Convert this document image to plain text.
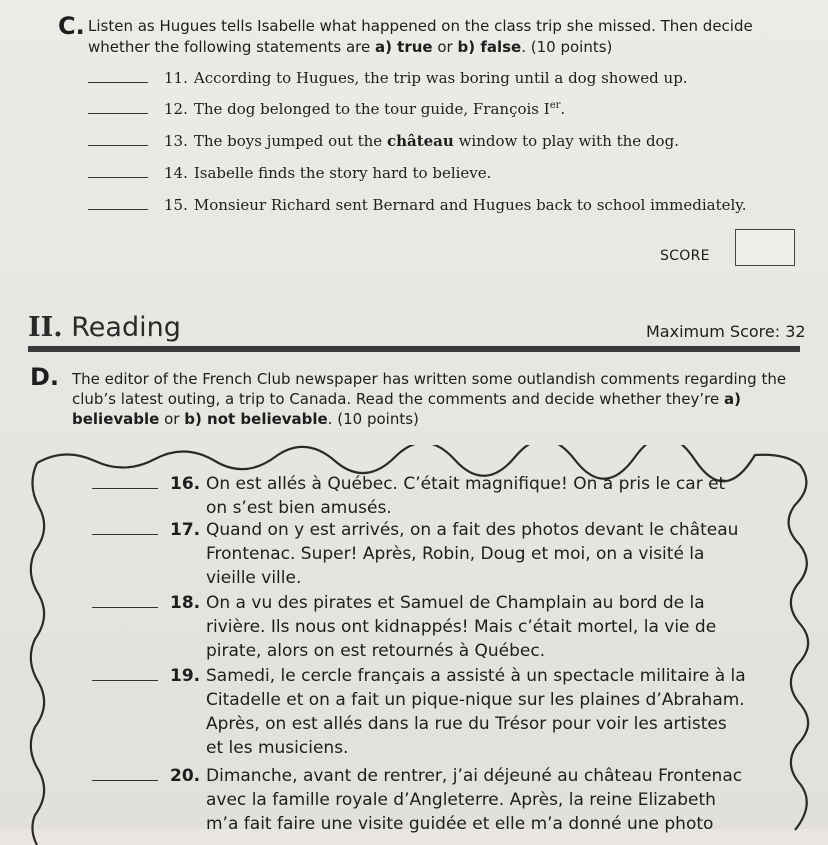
C. Listen as Hugues tells Isabelle what happened on the class trip she missed. Then decide whether the following statements are a) true or b) false. (10 points)
11. According to Hugues, the trip was boring until a dog showed up.
12. The dog belonged to the tour guide, François Ier.
13. The boys jumped out the château window to play with the dog.
14. Isabelle finds the story hard to believe.
15. Monsieur Richard sent Bernard and Hugues back to school immediately.
SCORE
II. Reading	Maximum Score: 32
D. The editor of the French Club newspaper has written some outlandish comments regarding the club’s latest outing, a trip to Canada. Read the comments and decide whether they’re a) believable or b) not believable. (10 points)
16. On est allés à Québec. C’était magnifique! On a pris le car et
on s’est bien amusés.
17. Quand on y est arrivés, on a fait des photos devant le château
Frontenac. Super! Après, Robin, Doug et moi, on a visité la
vieille ville.
18. On a vu des pirates et Samuel de Champlain au bord de la
rivière. Ils nous ont kidnappés! Mais c’était mortel, la vie de
pirate, alors on est retournés à Québec.
19. Samedi, le cercle français a assisté à un spectacle militaire à la
Citadelle et on a fait un pique-nique sur les plaines d’Abraham.
Après, on est allés dans la rue du Trésor pour voir les artistes
et les musiciens.
20. Dimanche, avant de rentrer, j’ai déjeuné au château Frontenac
avec la famille royale d’Angleterre. Après, la reine Elizabeth
m’a fait faire une visite guidée et elle m’a donné une photo
